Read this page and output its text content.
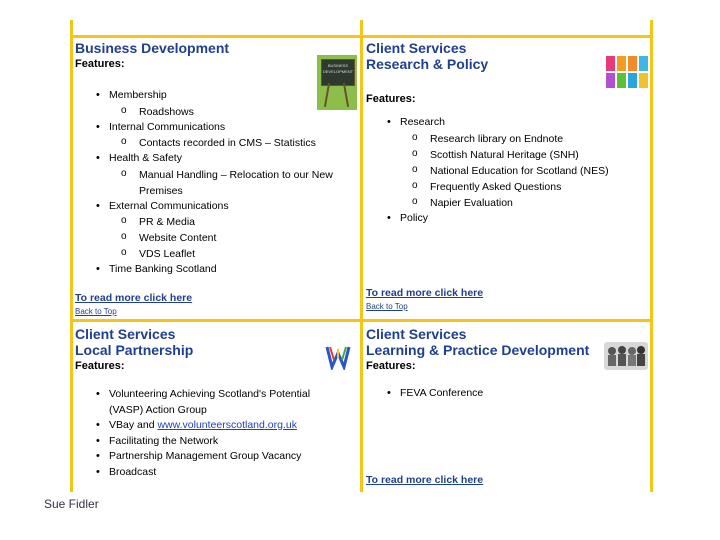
Business Development

Features:	BUSINESS DEVELOPMENT
• Membership
o Roadshows
• Internal Communications
o Contacts recorded in CMS – Statistics
• Health & Safety
o Manual Handling – Relocation to our New Premises
• External Communications
o PR & Media
o Website Content
o VDS Leaflet
• Time Banking Scotland
To read more click here
Back to Top

Client Services

Research & Policy

Features:

• Research
o Research library on Endnote
o Scottish Natural Heritage (SNH)
o National Education for Scotland (NES)
o Frequently Asked Questions
o Napier Evaluation
• Policy
To read more click here
Back to Top

Client Services

Local Partnership

Features:

• Volunteering Achieving Scotland's Potential (VASP) Action Group
• VBay and www.volunteerscotland.org.uk
• Facilitating the Network
• Partnership Management Group Vacancy
• Broadcast

Client Services

Learning & Practice Development

Features:

• FEVA Conference
To read more click here
Sue Fidler
